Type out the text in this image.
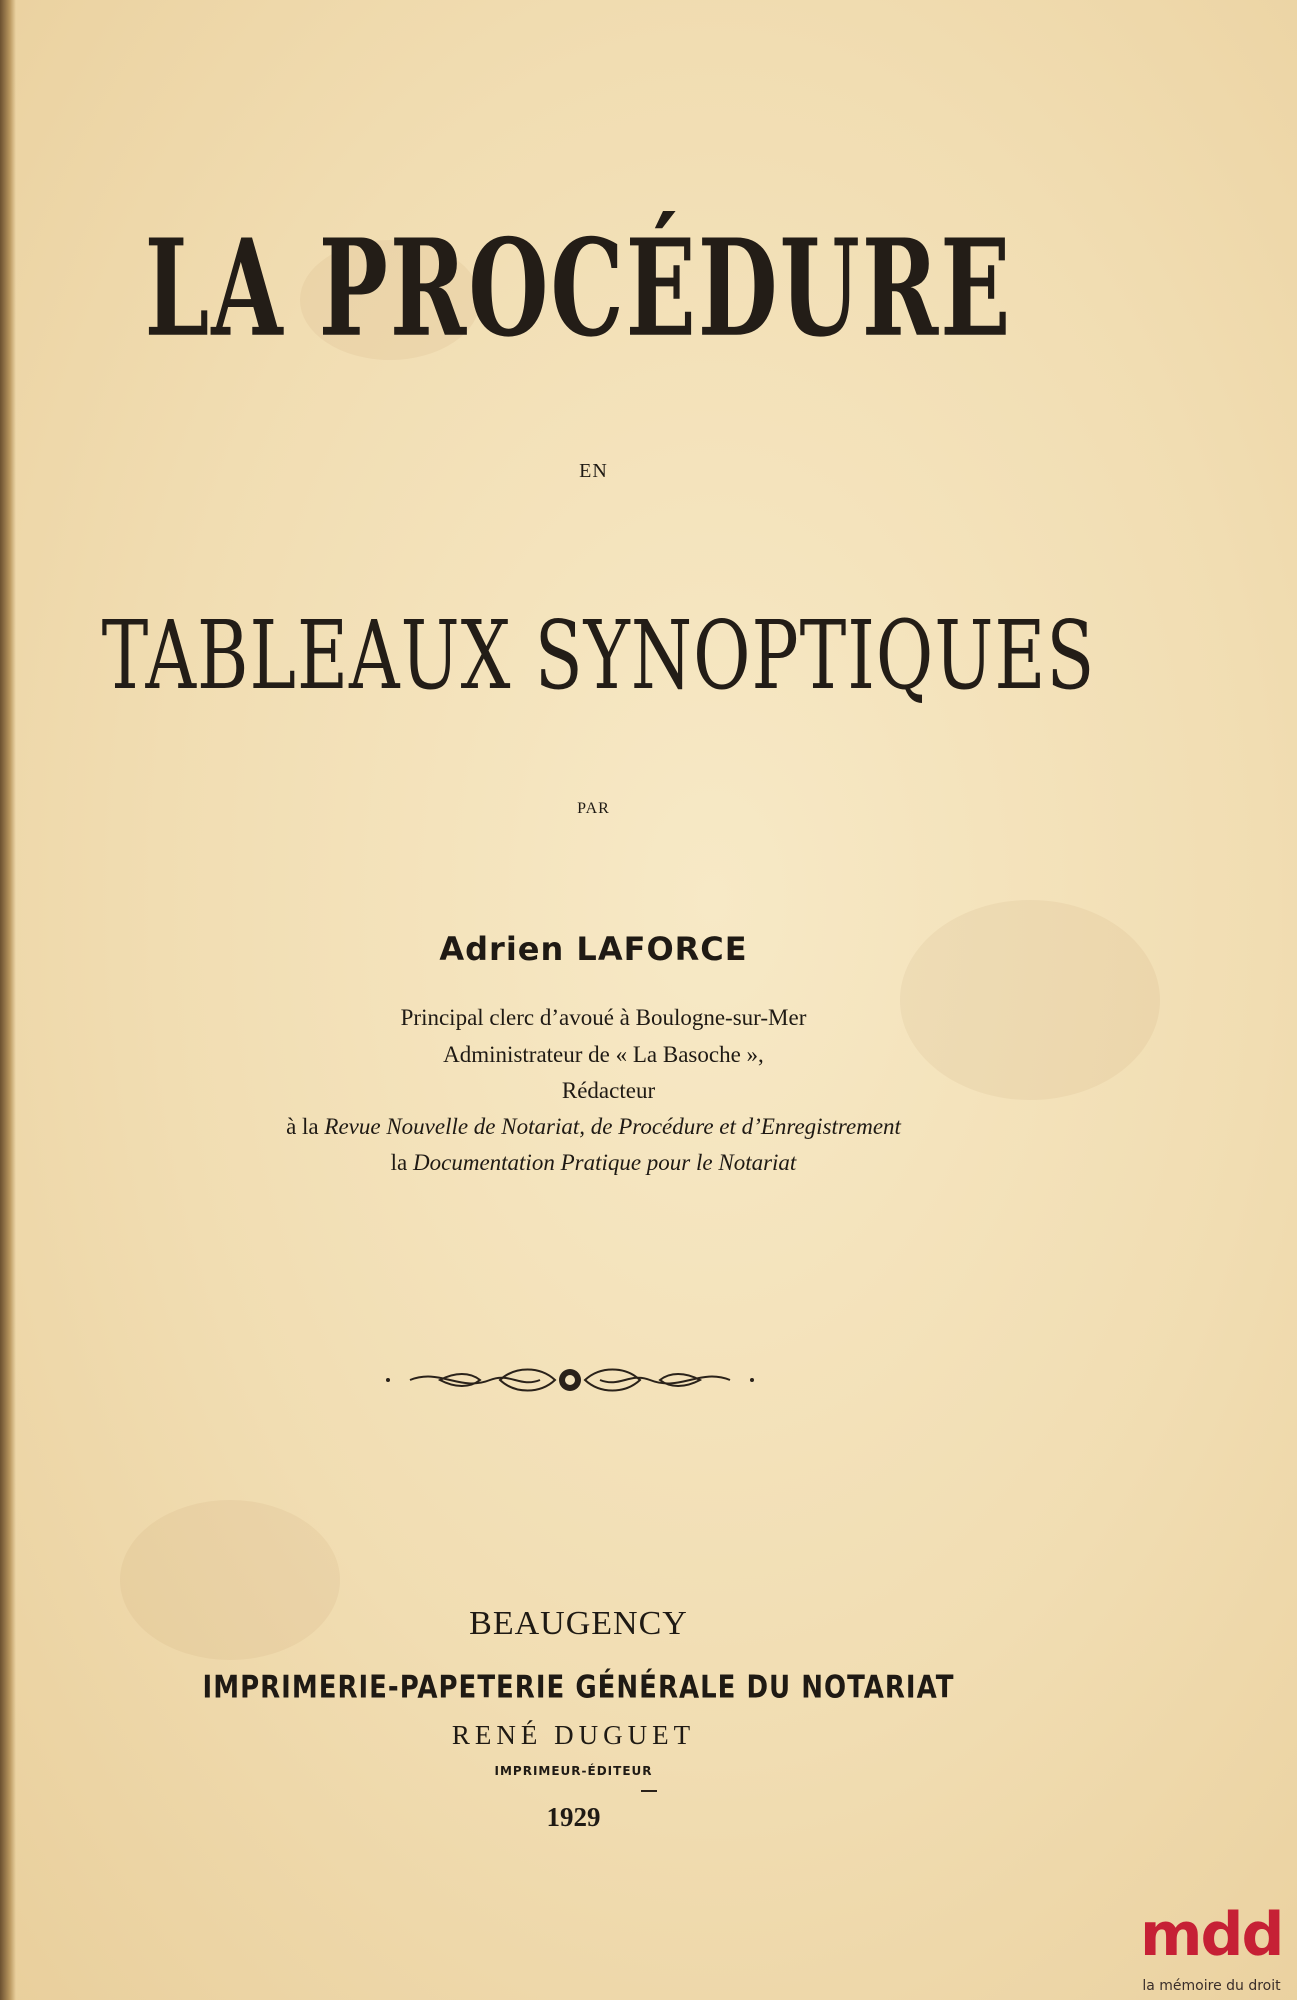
LA PROCÉDURE
EN
TABLEAUX SYNOPTIQUES
PAR
Adrien LAFORCE
Principal clerc d’avoué à Boulogne-sur-Mer
Administrateur de « La Basoche »,
Rédacteur
à la Revue Nouvelle de Notariat, de Procédure et d’Enregistrement
la Documentation Pratique pour le Notariat
BEAUGENCY
IMPRIMERIE-PAPETERIE GÉNÉRALE DU NOTARIAT
RENÉ DUGUET
IMPRIMEUR-ÉDITEUR
1929
mdd
la mémoire du droit
